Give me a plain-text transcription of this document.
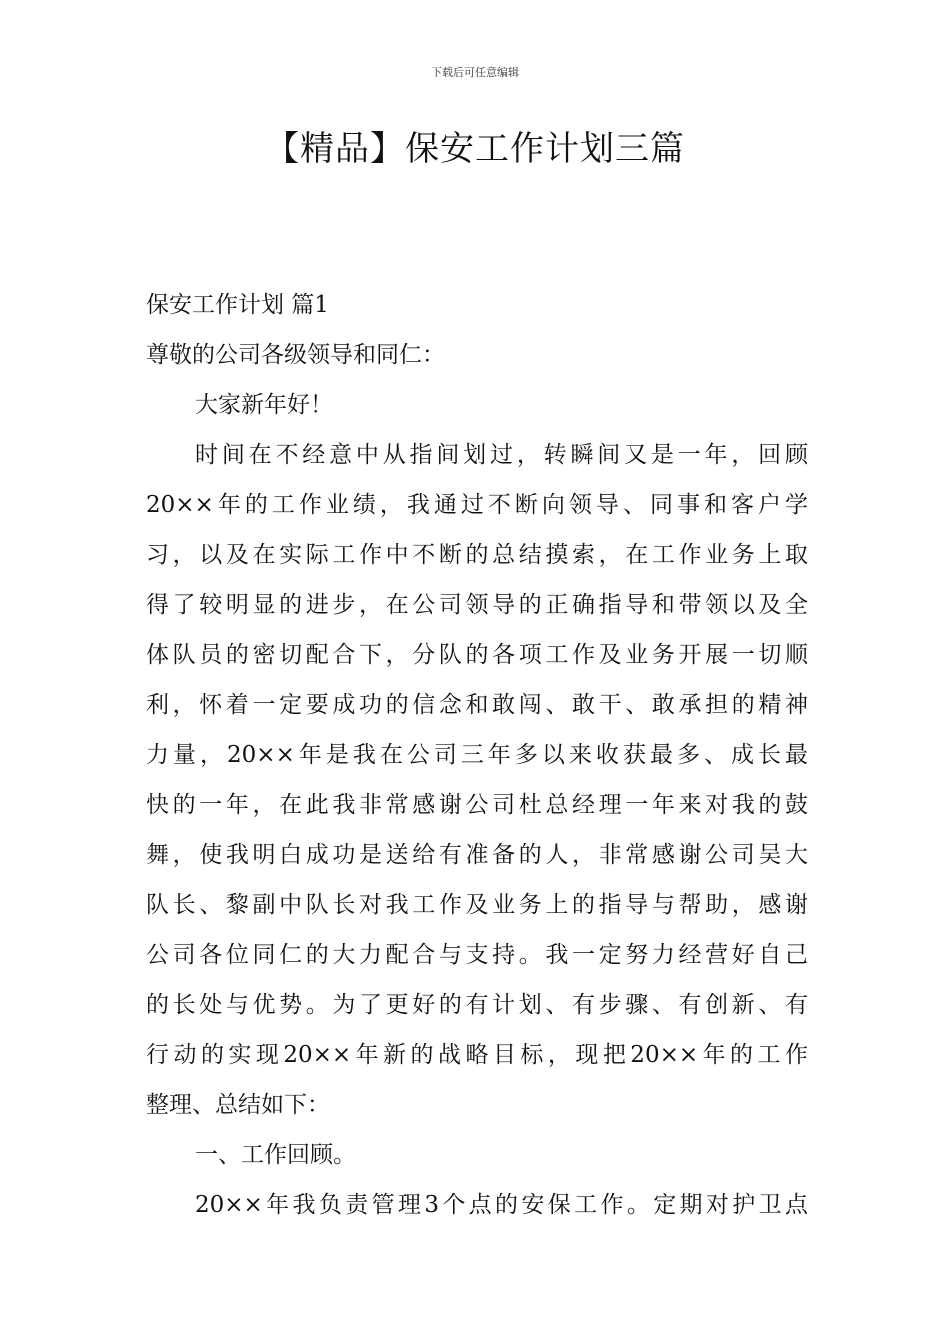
下载后可任意编辑
【精品】保安工作计划三篇
保安工作计划 篇1
尊敬的公司各级领导和同仁：
大家新年好！
时间在不经意中从指间划过，转瞬间又是一年，回顾
20××年的工作业绩，我通过不断向领导、同事和客户学
习，以及在实际工作中不断的总结摸索，在工作业务上取
得了较明显的进步，在公司领导的正确指导和带领以及全
体队员的密切配合下，分队的各项工作及业务开展一切顺
利，怀着一定要成功的信念和敢闯、敢干、敢承担的精神
力量，20××年是我在公司三年多以来收获最多、成长最
快的一年，在此我非常感谢公司杜总经理一年来对我的鼓
舞，使我明白成功是送给有准备的人，非常感谢公司吴大
队长、黎副中队长对我工作及业务上的指导与帮助，感谢
公司各位同仁的大力配合与支持。我一定努力经营好自己
的长处与优势。为了更好的有计划、有步骤、有创新、有
行动的实现20××年新的战略目标，现把20××年的工作
整理、总结如下：
一、工作回顾。
20××年我负责管理3个点的安保工作。定期对护卫点
